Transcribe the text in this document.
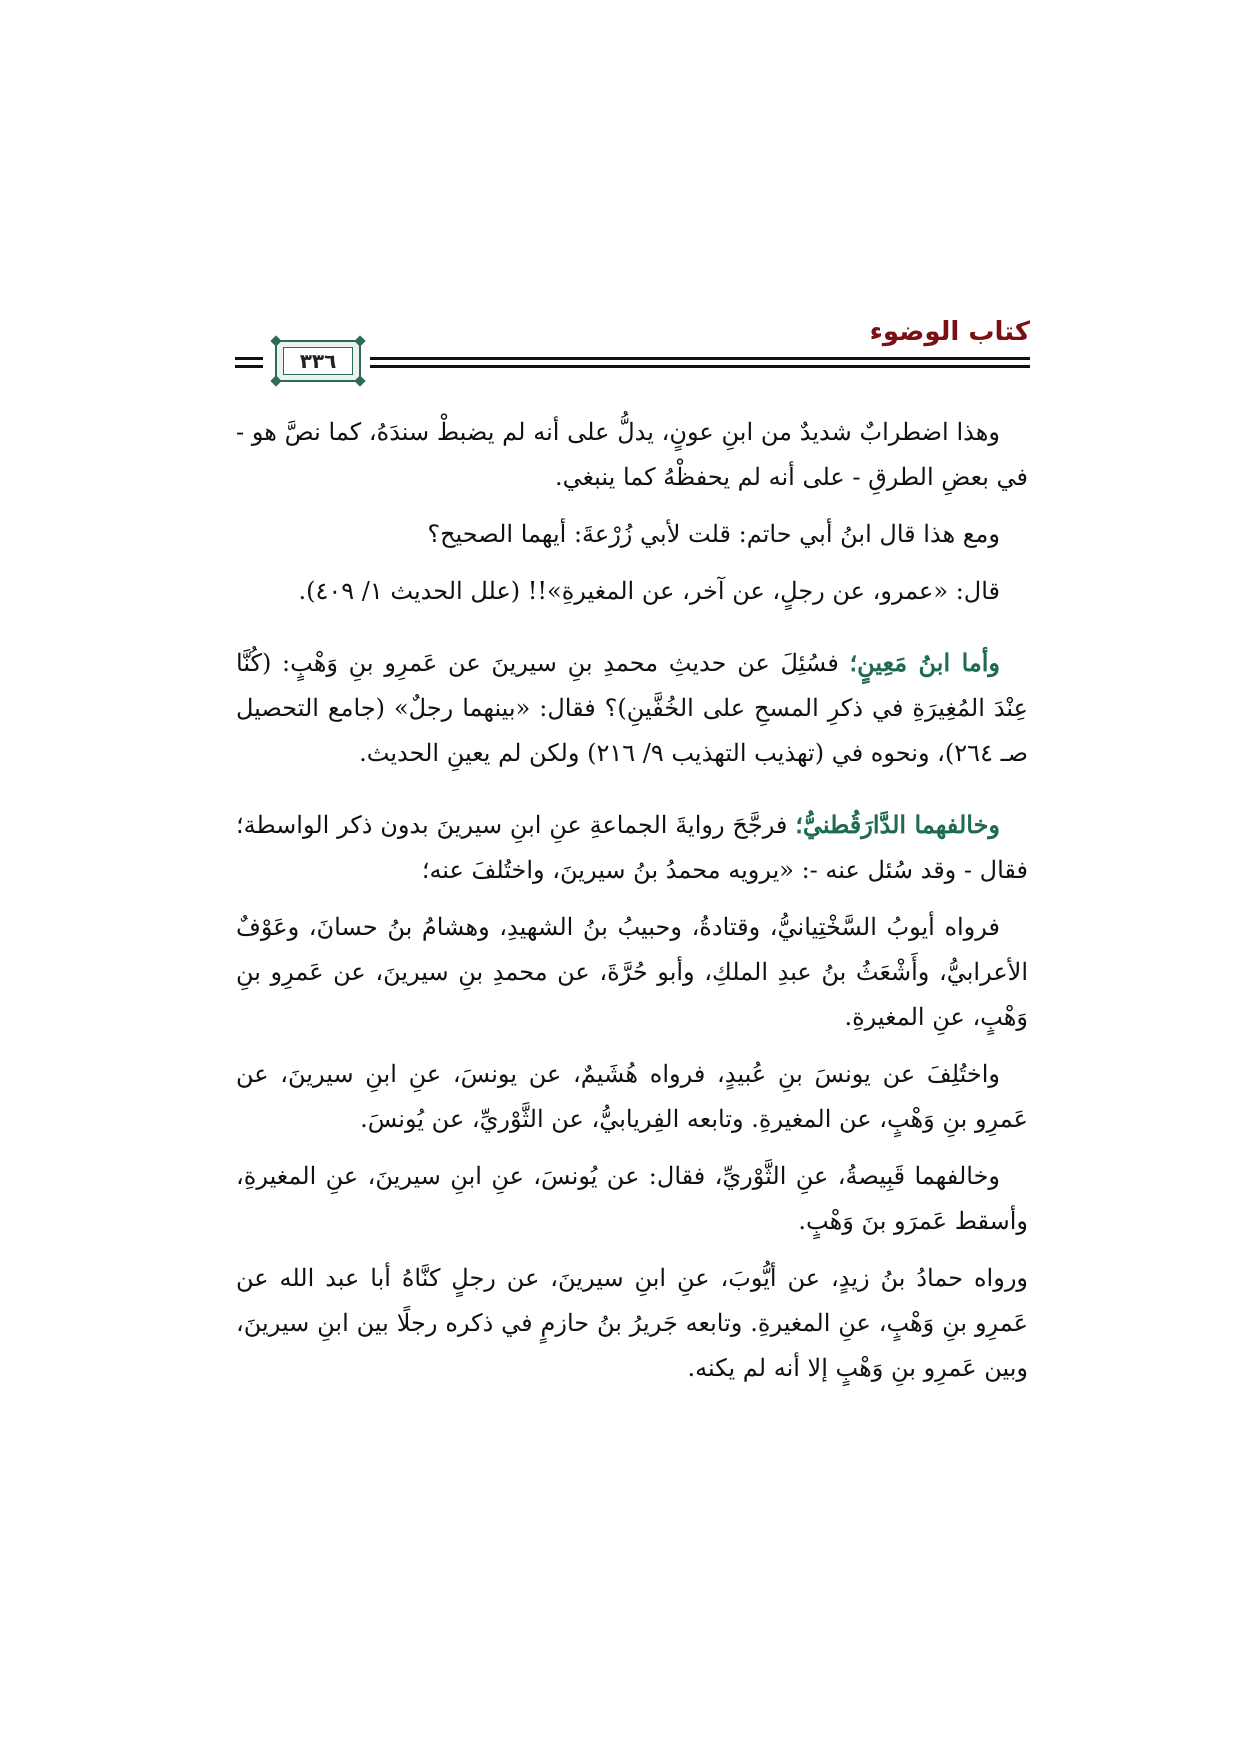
كتاب الوضوء
٣٣٦

وهذا اضطرابٌ شديدٌ من ابنِ عونٍ، يدلُّ على أنه لم يضبطْ سندَهُ، كما نصَّ هو - في بعضِ الطرقِ - على أنه لم يحفظْهُ كما ينبغي.

ومع هذا قال ابنُ أبي حاتم: قلت لأبي زُرْعةَ: أيهما الصحيح؟

قال: «عمرو، عن رجلٍ، عن آخر، عن المغيرةِ»!! (علل الحديث ١/ ٤٠٩).

وأما ابنُ مَعِينٍ؛ فسُئِلَ عن حديثِ محمدِ بنِ سيرينَ عن عَمرِو بنِ وَهْبٍ: (كُنَّا عِنْدَ المُغِيرَةِ في ذكرِ المسحِ على الخُفَّينِ)؟ فقال: «بينهما رجلٌ» (جامع التحصيل صـ ٢٦٤)، ونحوه في (تهذيب التهذيب ٩/ ٢١٦) ولكن لم يعينِ الحديث.

وخالفهما الدَّارَقُطنيُّ؛ فرجَّحَ روايةَ الجماعةِ عنِ ابنِ سيرينَ بدون ذكر الواسطة؛ فقال - وقد سُئل عنه -: «يرويه محمدُ بنُ سيرينَ، واختُلفَ عنه؛

فرواه أيوبُ السَّخْتِيانيُّ، وقتادةُ، وحبيبُ بنُ الشهيدِ، وهشامُ بنُ حسانَ، وعَوْفٌ الأعرابيُّ، وأَشْعَثُ بنُ عبدِ الملكِ، وأبو حُرَّةَ، عن محمدِ بنِ سيرينَ، عن عَمرِو بنِ وَهْبٍ، عنِ المغيرةِ.

واختُلِفَ عن يونسَ بنِ عُبيدٍ، فرواه هُشَيمٌ، عن يونسَ، عنِ ابنِ سيرينَ، عن عَمرِو بنِ وَهْبٍ، عن المغيرةِ. وتابعه الفِريابيُّ، عن الثَّوْريِّ، عن يُونسَ.

وخالفهما قَبِيصةُ، عنِ الثَّوْريِّ، فقال: عن يُونسَ، عنِ ابنِ سيرينَ، عنِ المغيرةِ، وأسقط عَمرَو بنَ وَهْبٍ.

ورواه حمادُ بنُ زيدٍ، عن أيُّوبَ، عنِ ابنِ سيرينَ، عن رجلٍ كنَّاهُ أبا عبد الله عن عَمرِو بنِ وَهْبٍ، عنِ المغيرةِ. وتابعه جَريرُ بنُ حازمٍ في ذكره رجلًا بين ابنِ سيرينَ، وبين عَمرِو بنِ وَهْبٍ إلا أنه لم يكنه.
